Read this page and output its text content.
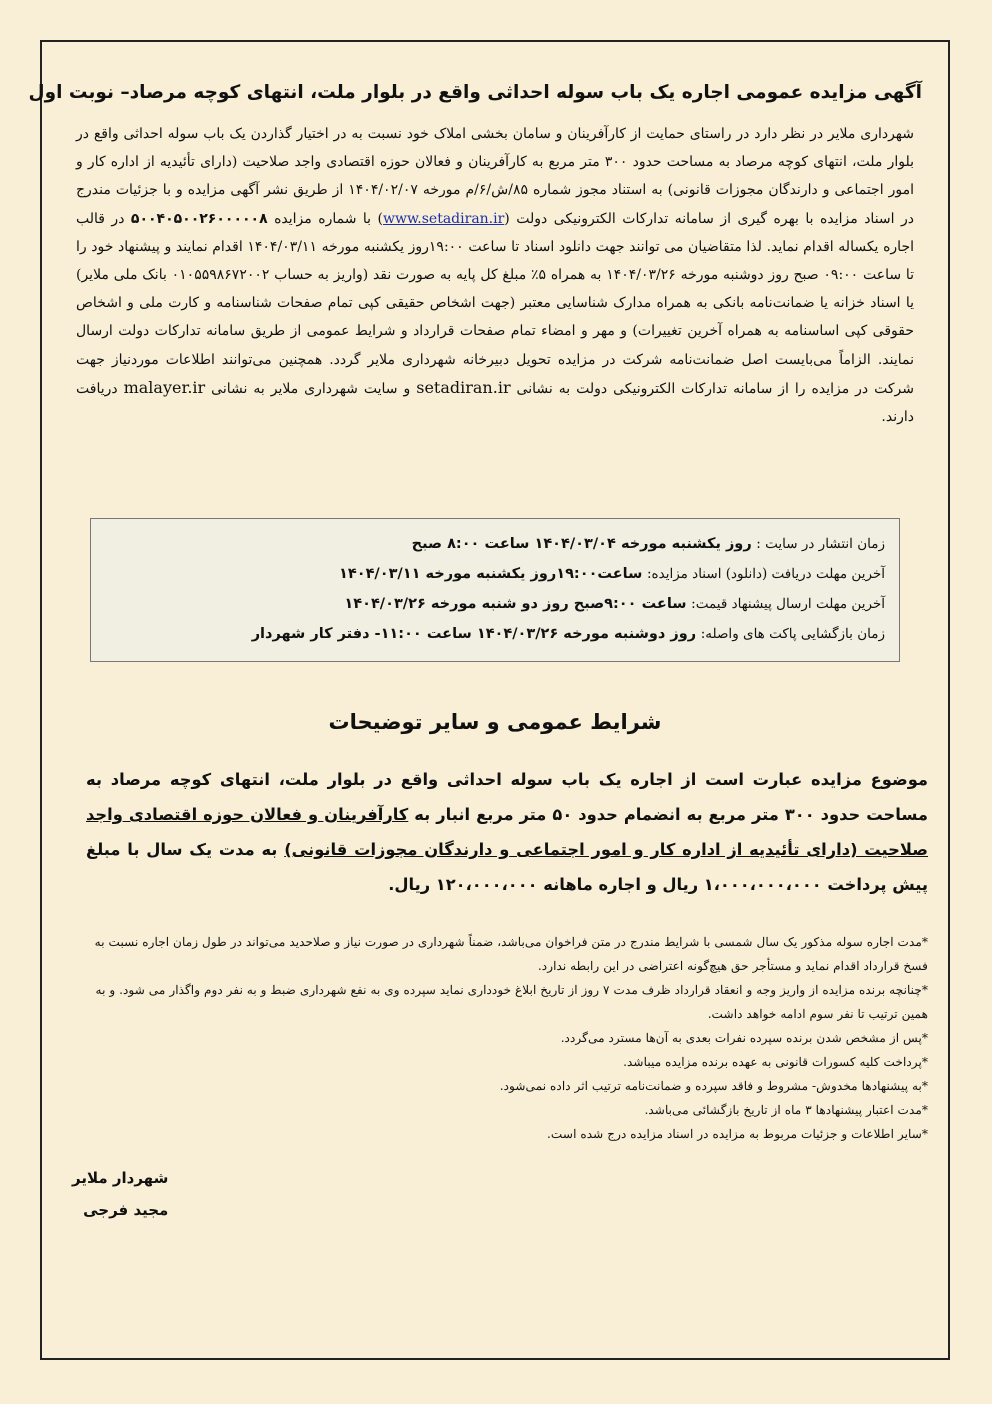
آگهی مزایده عمومی اجاره یک باب سوله احداثی واقع در بلوار ملت، انتهای کوچه مرصاد– نوبت اول
شهرداری ملایر در نظر دارد در راستای حمایت از کارآفرینان و سامان بخشی املاک خود نسبت به در اختیار گذاردن یک باب سوله احداثی واقع در بلوار ملت، انتهای کوچه مرصاد به مساحت حدود ۳۰۰ متر مربع به کارآفرینان و فعالان حوزه اقتصادی واجد صلاحیت (دارای تأئیدیه از اداره کار و امور اجتماعی و دارندگان مجوزات قانونی) به استناد مجوز شماره ۸۵/ش/۶/م مورخه ۱۴۰۴/۰۲/۰۷ از طریق نشر آگهی مزایده و با جزئیات مندرج در اسناد مزایده با بهره گیری از سامانه تدارکات الکترونیکی دولت (www.setadiran.ir) با شماره مزایده ۵۰۰۴۰۵۰۰۲۶۰۰۰۰۰۸ در قالب اجاره یکساله اقدام نماید. لذا متقاضیان می توانند جهت دانلود اسناد تا ساعت ۱۹:۰۰روز یکشنبه مورخه ۱۴۰۴/۰۳/۱۱ اقدام نمایند و پیشنهاد خود را تا ساعت ۰۹:۰۰ صبح روز دوشنبه مورخه ۱۴۰۴/۰۳/۲۶ به همراه ۵٪ مبلغ کل پایه به صورت نقد (واریز به حساب ۰۱۰۵۵۹۸۶۷۲۰۰۲ بانک ملی ملایر) یا اسناد خزانه یا ضمانت‌نامه بانکی به همراه مدارک شناسایی معتبر (جهت اشخاص حقیقی کپی تمام صفحات شناسنامه و کارت ملی و اشخاص حقوقی کپی اساسنامه به همراه آخرین تغییرات) و مهر و امضاء تمام صفحات قرارداد و شرایط عمومی از طریق سامانه تدارکات دولت ارسال نمایند. الزاماً می‌بایست اصل ضمانت‌نامه شرکت در مزایده تحویل دبیرخانه شهرداری ملایر گردد. همچنین می‌توانند اطلاعات مورد‌نیاز جهت شرکت در مزایده را از سامانه تدارکات الکترونیکی دولت به نشانی setadiran.ir و سایت شهرداری ملایر به نشانی malayer.ir دریافت دارند.
زمان انتشار در سایت : روز یکشنبه مورخه ۱۴۰۴/۰۳/۰۴ ساعت ۸:۰۰ صبح
آخرین مهلت دریافت (دانلود) اسناد مزایده: ساعت۱۹:۰۰روز یکشنبه مورخه ۱۴۰۴/۰۳/۱۱
آخرین مهلت ارسال پیشنهاد قیمت: ساعت ۹:۰۰صبح روز دو شنبه مورخه ۱۴۰۴/۰۳/۲۶
زمان بازگشایی پاکت های واصله: روز دوشنبه مورخه ۱۴۰۴/۰۳/۲۶ ساعت ۱۱:۰۰- دفتر کار شهردار
شرایط عمومی و سایر توضیحات
موضوع مزایده عبارت است از اجاره یک باب سوله احداثی واقع در بلوار ملت، انتهای کوچه مرصاد به مساحت حدود ۳۰۰ متر مربع به انضمام حدود ۵۰ متر مربع انبار به کارآفرینان و فعالان حوزه اقتصادی واجد صلاحیت (دارای تأئیدیه از اداره کار و امور اجتماعی و دارندگان مجوزات قانونی) به مدت یک سال با مبلغ پیش پرداخت ۱،۰۰۰،۰۰۰،۰۰۰ ریال و اجاره ماهانه ۱۲۰،۰۰۰،۰۰۰ ریال.

*مدت اجاره سوله مذکور یک سال شمسی با شرایط مندرج در متن فراخوان می‌باشد، ضمناً شهرداری در صورت نیاز و صلاحدید می‌تواند در طول زمان اجاره نسبت به فسخ قرارداد اقدام نماید و مستأجر حق هیچ‌گونه اعتراضی در این رابطه ندارد.

*چنانچه برنده مزایده از واریز وجه و انعقاد قرارداد ظرف مدت ۷ روز از تاریخ ابلاغ خودداری نماید سپرده وی به نفع شهرداری ضبط و به نفر دوم واگذار می شود. و به همین ترتیب تا نفر سوم ادامه خواهد داشت.

*پس از مشخص شدن برنده سپرده نفرات بعدی به آن‌ها مسترد می‌گردد.

*پرداخت کلیه کسورات قانونی به عهده برنده مزایده میباشد.

*به پیشنهادها مخدوش- مشروط و فاقد سپرده و ضمانت‌نامه ترتیب اثر داده نمی‌شود.

*مدت اعتبار پیشنهادها ۳ ماه از تاریخ بازگشائی می‌باشد.

*سایر اطلاعات و جزئیات مربوط به مزایده در اسناد مزایده درج شده است.

شهردار ملایر
مجید فرجی
